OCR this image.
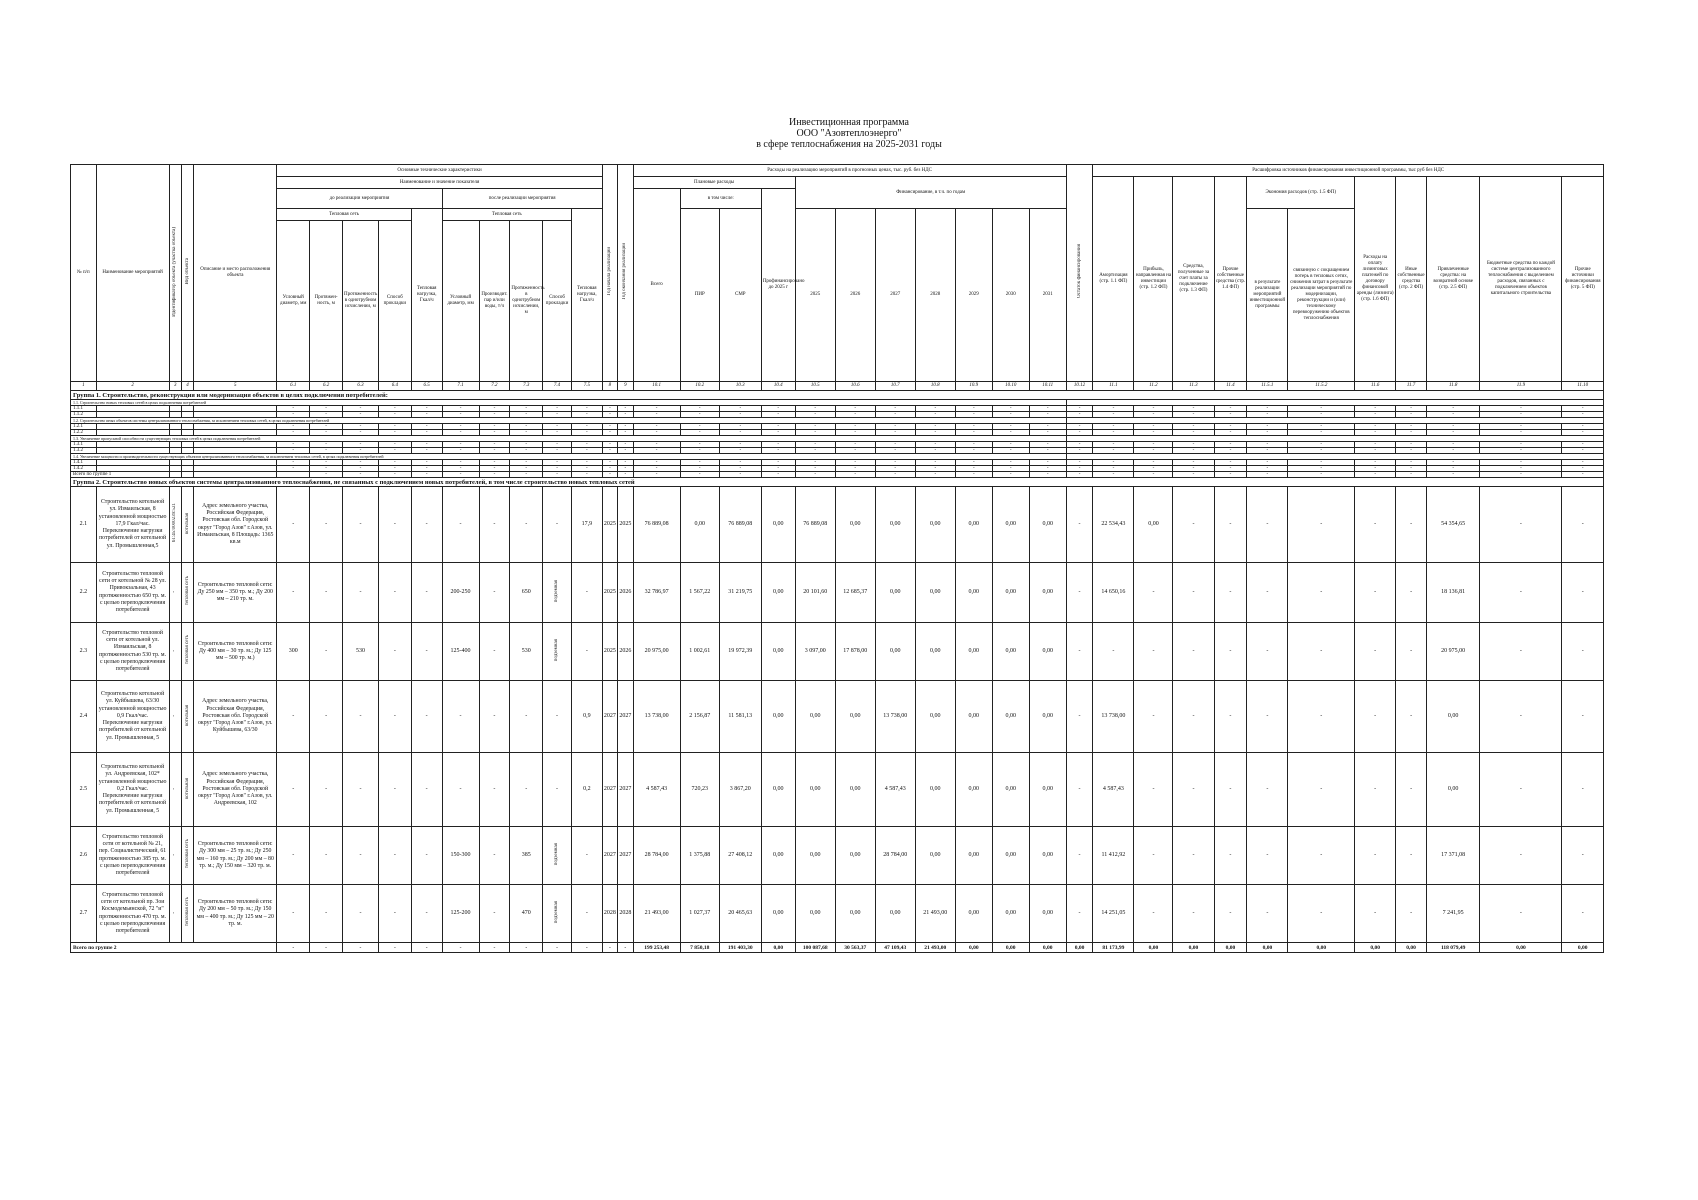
Инвестиционная программа
ООО "Азовтеплоэнерго"
в сфере теплоснабжения на 2025-2031 годы
№ п/п	Наименование мероприятий	Идентификатор объекта (участка объекта)	Вид объекта	Описание и место расположения объекта	Основные технические характеристики										Год начала реализации	Год окончания реализации	Расходы на реализацию мероприятий в прогнозных ценах, тыс. руб. без НДС											Остаток финансирования	Расшифровка источников финансирования инвестиционной программы, тыс руб без НДС										
					Наименование и значение показателя												Плановые расходы				Финансирование, в т.ч. по годам								Амортизация (стр. 1.1 ФП)	Прибыль, направленная на инвестиции (стр. 1.2 ФП)	Средства, полученные за счет платы за подключение (стр. 1.3 ФП)	Прочие собственные средства (стр. 1.4 ФП)	Экономия расходов (стр. 1.5 ФП)		Расходы на оплату лизинговых платежей по договору финансовой аренды (лизинга) (стр. 1.6 ФП)	Иные собственные средства (стр. 2 ФП)	Привлеченные средства: на возвратной основе (стр. 2.5 ФП)	Бюджетные средства по каждой системе централизованного теплоснабжения с выделением расходов, связанных с подключением объектов капитального строительства	Прочие источники финансирования (стр. 5 ФП)
					до реализации мероприятия					после реализации мероприятия							Всего	в том числе:		Профинансировано до 2025 г																			
					Тепловая сеть				Тепловая нагрузка, Гкал/ч	Тепловая сеть				Тепловая нагрузка, Гкал/ч				ПИР	СМР		2025	2026	2027	2028	2029	2030	2031						в результате реализации мероприятий инвестиционной программы	связанную с сокращением потерь в тепловых сетях, снижения затрат в результате реализации мероприятий по модернизации, реконструкции и (или) техническому перевооружению объектов теплоснабжения					
					Условный диаметр, мм	Протяжен-ность, м	Протяженность в однотрубном исчислении, м	Способ прокладки		Условный диаметр, мм	Производит. пар и/или воды, т/ч	Протяженность в однотрубном исчислении, м	Способ прокладки																										

1	2	3	4	5	6.1	6.2	6.3	6.4	6.5	7.1	7.2	7.3	7.4	7.5	8	9	10.1	10.2	10.3	10.4	10.5	10.6	10.7	10.8	10.9	10.10	10.11	10.12	11.1	11.2	11.3	11.4	11.5.1	11.5.2	11.6	11.7	11.8	11.9	11.10
Группа 1. Строительство, реконструкция или модернизация объектов в целях подключения потребителей:																																							
1.1. Строительство новых тепловых сетей в целях подключения потребителей																																							
1.1.1					-	-	-	-	-	-	-	-	-	-	-	-	-	-	-	-	-	-	-	-	-	-	-	-	-	-	-	-	-	-	-	-	-	-	-
1.1.2					-	-	-	-	-	-	-	-	-	-	-	-	-	-	-	-	-	-	-	-	-	-	-	-	-	-	-	-	-	-	-	-	-	-	-
1.2. Строительство иных объектов системы централизованного теплоснабжения, за исключением тепловых сетей, в целях подключения потребителей																																							
1.2.1					-	-	-	-	-	-	-	-	-	-	-	-	-	-	-	-	-	-	-	-	-	-	-	-	-	-	-	-	-	-	-	-	-	-	-
1.2.2					-	-	-	-	-	-	-	-	-	-	-	-	-	-	-	-	-	-	-	-	-	-	-	-	-	-	-	-	-	-	-	-	-	-	-
1.3. Увеличение пропускной способности существующих тепловых сетей в целях подключения потребителей																																							
1.3.1					-	-	-	-	-	-	-	-	-	-	-	-	-	-	-	-	-	-	-	-	-	-	-	-	-	-	-	-	-	-	-	-	-	-	-
1.3.2					-	-	-	-	-	-	-	-	-	-	-	-	-	-	-	-	-	-	-	-	-	-	-	-	-	-	-	-	-	-	-	-	-	-	-
1.4. Увеличение мощности и производительности существующих объектов централизованного теплоснабжения, за исключением тепловых сетей, в целях подключения потребителей																																							
1.4.1					-	-	-	-	-	-	-	-	-	-	-	-	-	-	-	-	-	-	-	-	-	-	-	-	-	-	-	-	-	-	-	-	-	-	-
1.4.2					-	-	-	-	-	-	-	-	-	-	-	-	-	-	-	-	-	-	-	-	-	-	-	-	-	-	-	-	-	-	-	-	-	-	-
Всего по группе 1						-	-	-	-	-	-	-	-	-	-	-	-	-	-	-	-	-	-	-	-	-	-	-	-	-	-	-	-	-	-	-	-	-	-
Группа 2. Строительство новых объектов системы централизованного теплоснабжения, не связанных с подключением новых потребителей, в том числе строительство новых тепловых сетей																																							
2.1	Строительство котельной ул. Измаильская, 8 установленной мощностью 17,9 Гкал/час. Переключение нагрузки потребителей от котельной ул. Промышленная,5	61:45:0000239:521	котельная	Адрес земельного участка, Российская Федерация, Ростовская обл. Городской округ "Город Азов" г.Азов, ул. Измаильская, 8 Площадь: 1365 кв.м	-	-	-	-	-	-	-	-	-	17,9	2025	2025	76 889,08	0,00	76 889,08	0,00	76 889,08	0,00	0,00	0,00	0,00	0,00	0,00	-	22 534,43	0,00	-	-	-	-	-	-	54 354,65	-	-
2.2	Строительство тепловой сети от котельной № 28 ул. Привокзальная, 43 протяженностью 650 тр. м. с целью переподключения потребителей	-	тепловая сеть	Строительство тепловой сети: Ду 250 мм – 350 тр. м.; Ду 200 мм – 210 тр. м.	-	-	-	-	-	200-250	-	650	подземная	-	2025	2026	32 786,97	1 567,22	31 219,75	0,00	20 101,60	12 685,37	0,00	0,00	0,00	0,00	0,00	-	14 650,16	-	-	-	-	-	-	-	18 136,81	-	-
2.3	Строительство тепловой сети от котельной ул. Измаильская, 8 протяженностью 530 тр. м. с целью переподключения потребителей	-	тепловая сеть	Строительство тепловой сети: Ду 400 мм – 30 тр. м.; Ду 125 мм – 500 тр. м.)	300	-	530	-	-	125-400	-	530	подземная	-	2025	2026	20 975,00	1 002,61	19 972,39	0,00	3 097,00	17 878,00	0,00	0,00	0,00	0,00	0,00	-	-	-	-	-	-	-	-	-	20 975,00	-	-
2.4	Строительство котельной ул. Куйбышева, 63/30 установленной мощностью 0,9 Гкал/час. Переключение нагрузки потребителей от котельной ул. Промышленная, 5	-	котельная	Адрес земельного участка, Российская Федерация, Ростовская обл. Городской округ "Город Азов" г.Азов, ул. Куйбышева, 63/30	-	-	-	-	-	-	-	-	-	0,9	2027	2027	13 738,00	2 156,87	11 581,13	0,00	0,00	0,00	13 738,00	0,00	0,00	0,00	0,00	-	13 738,00	-	-	-	-	-	-	-	0,00	-	-
2.5	Строительство котельной ул. Андреевская, 102* установленной мощностью 0,2 Гкал/час. Переключение нагрузки потребителей от котельной ул. Промышленная, 5	-	котельная	Адрес земельного участка, Российская Федерация, Ростовская обл. Городской округ "Город Азов" г.Азов, ул. Андреевская, 102	-	-	-	-	-	-	-	-	-	0,2	2027	2027	4 587,43	720,23	3 867,20	0,00	0,00	0,00	4 587,43	0,00	0,00	0,00	0,00	-	4 587,43	-	-	-	-	-	-	-	0,00	-	-
2.6	Строительство тепловой сети от котельной № 21, пер. Социалистический, 61 протяженностью 385 тр. м. с целью переподключения потребителей	-	тепловая сеть	Строительство тепловой сети: Ду 300 мм – 25 тр. м.; Ду 250 мм – 160 тр. м.; Ду 200 мм – 80 тр. м.; Ду 150 мм – 320 тр. м.	-	-	-	-	-	150-300	-	385	подземная	-	2027	2027	28 784,00	1 375,88	27 408,12	0,00	0,00	0,00	28 784,00	0,00	0,00	0,00	0,00	-	11 412,92	-	-	-	-	-	-	-	17 371,08	-	-
2.7	Строительство тепловой сети от котельной пр. Зои Космодемьянской, 72 "и" протяженностью 470 тр. м. с целью переподключения потребителей	-	тепловая сеть	Строительство тепловой сети: Ду 200 мм – 50 тр. м.; Ду 150 мм – 400 тр. м.; Ду 125 мм – 20 тр. м.	-	-	-	-	-	125-200	-	470	подземная	-	2028	2028	21 493,00	1 027,37	20 465,63	0,00	0,00	0,00	0,00	21 493,00	0,00	0,00	0,00	-	14 251,05	-	-	-	-	-	-	-	7 241,95	-	-
Всего по группе 2					-	-	-	-	-	-	-	-	-	-	-	-	199 253,48	7 850,18	191 403,30	0,00	100 087,68	30 563,37	47 109,43	21 493,00	0,00	0,00	0,00	0,00	81 173,99	0,00	0,00	0,00	0,00	0,00	0,00	0,00	118 079,49	0,00	0,00
